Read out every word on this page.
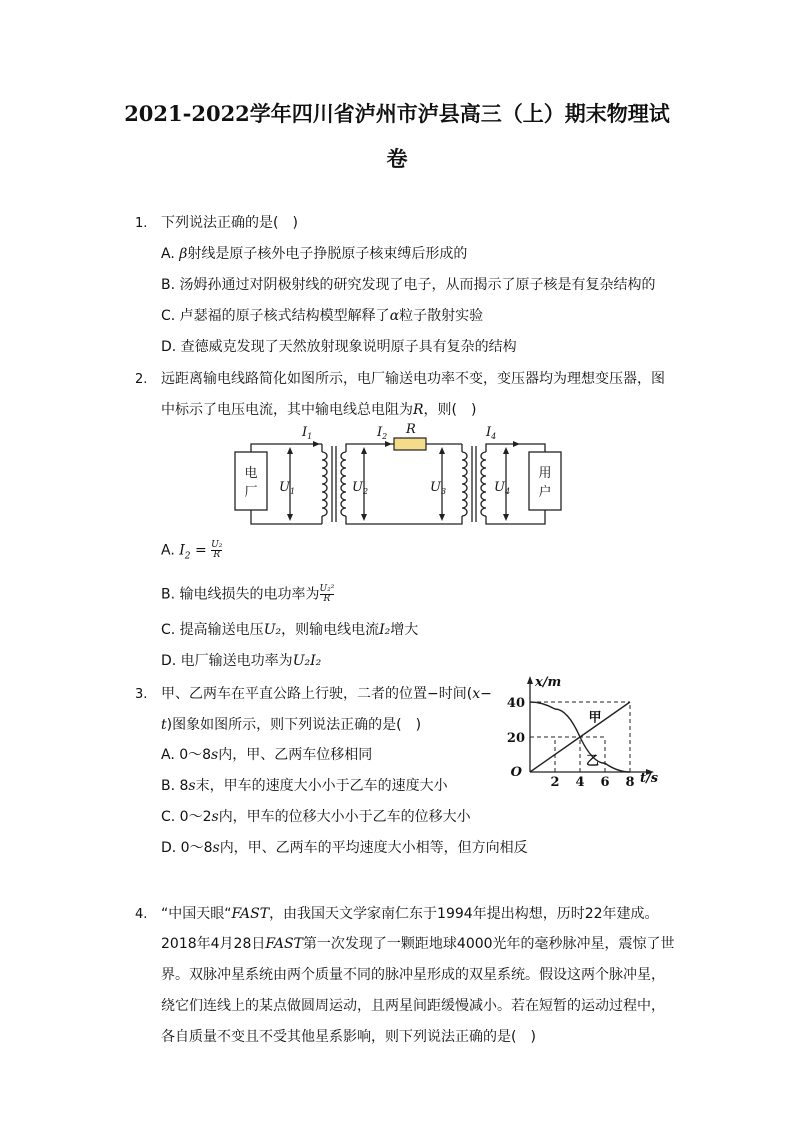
2021-2022学年四川省泸州市泸县高三（上）期末物理试
卷
1. 下列说法正确的是(　)
A. β射线是原子核外电子挣脱原子核束缚后形成的
B. 汤姆孙通过对阴极射线的研究发现了电子，从而揭示了原子核是有复杂结构的
C. 卢瑟福的原子核式结构模型解释了α粒子散射实验
D. 查德威克发现了天然放射现象说明原子具有复杂的结构
2. 远距离输电线路简化如图所示，电厂输送电功率不变，变压器均为理想变压器，图
中标示了电压电流，其中输电线总电阻为R，则(　)
电
厂
用
户
$I_1$	$I_2$ R	$I_4$
$U_1$	$U_2$	$U_3$	$U_4$
A. $I_2 = \frac{\text{U₂}}{R}$
B. 输电线损失的电功率为 $\frac{\text{U₂²}}{R}$
C. 提高输送电压U₂，则输电线电流I₂增大
D. 电厂输送电功率为U₂I₂
3. 甲、乙两车在平直公路上行驶，二者的位置−时间(x−
t)图象如图所示，则下列说法正确的是(　)
A. 0～8s内，甲、乙两车位移相同
B. 8s末，甲车的速度大小小于乙车的速度大小
C. 0～2s内，甲车的位移大小小于乙车的位移大小
D. 0～8s内，甲、乙两车的平均速度大小相等，但方向相反
2 4 6 8
40
20
O
x/m
t/s
甲
乙
4. “中国天眼“FAST，由我国天文学家南仁东于1994年提出构想，历时22年建成。
2018年4月28日FAST第一次发现了一颗距地球4000光年的毫秒脉冲星，震惊了世
界。双脉冲星系统由两个质量不同的脉冲星形成的双星系统。假设这两个脉冲星，
绕它们连线上的某点做圆周运动，且两星间距缓慢减小。若在短暂的运动过程中，
各自质量不变且不受其他星系影响，则下列说法正确的是(　)
